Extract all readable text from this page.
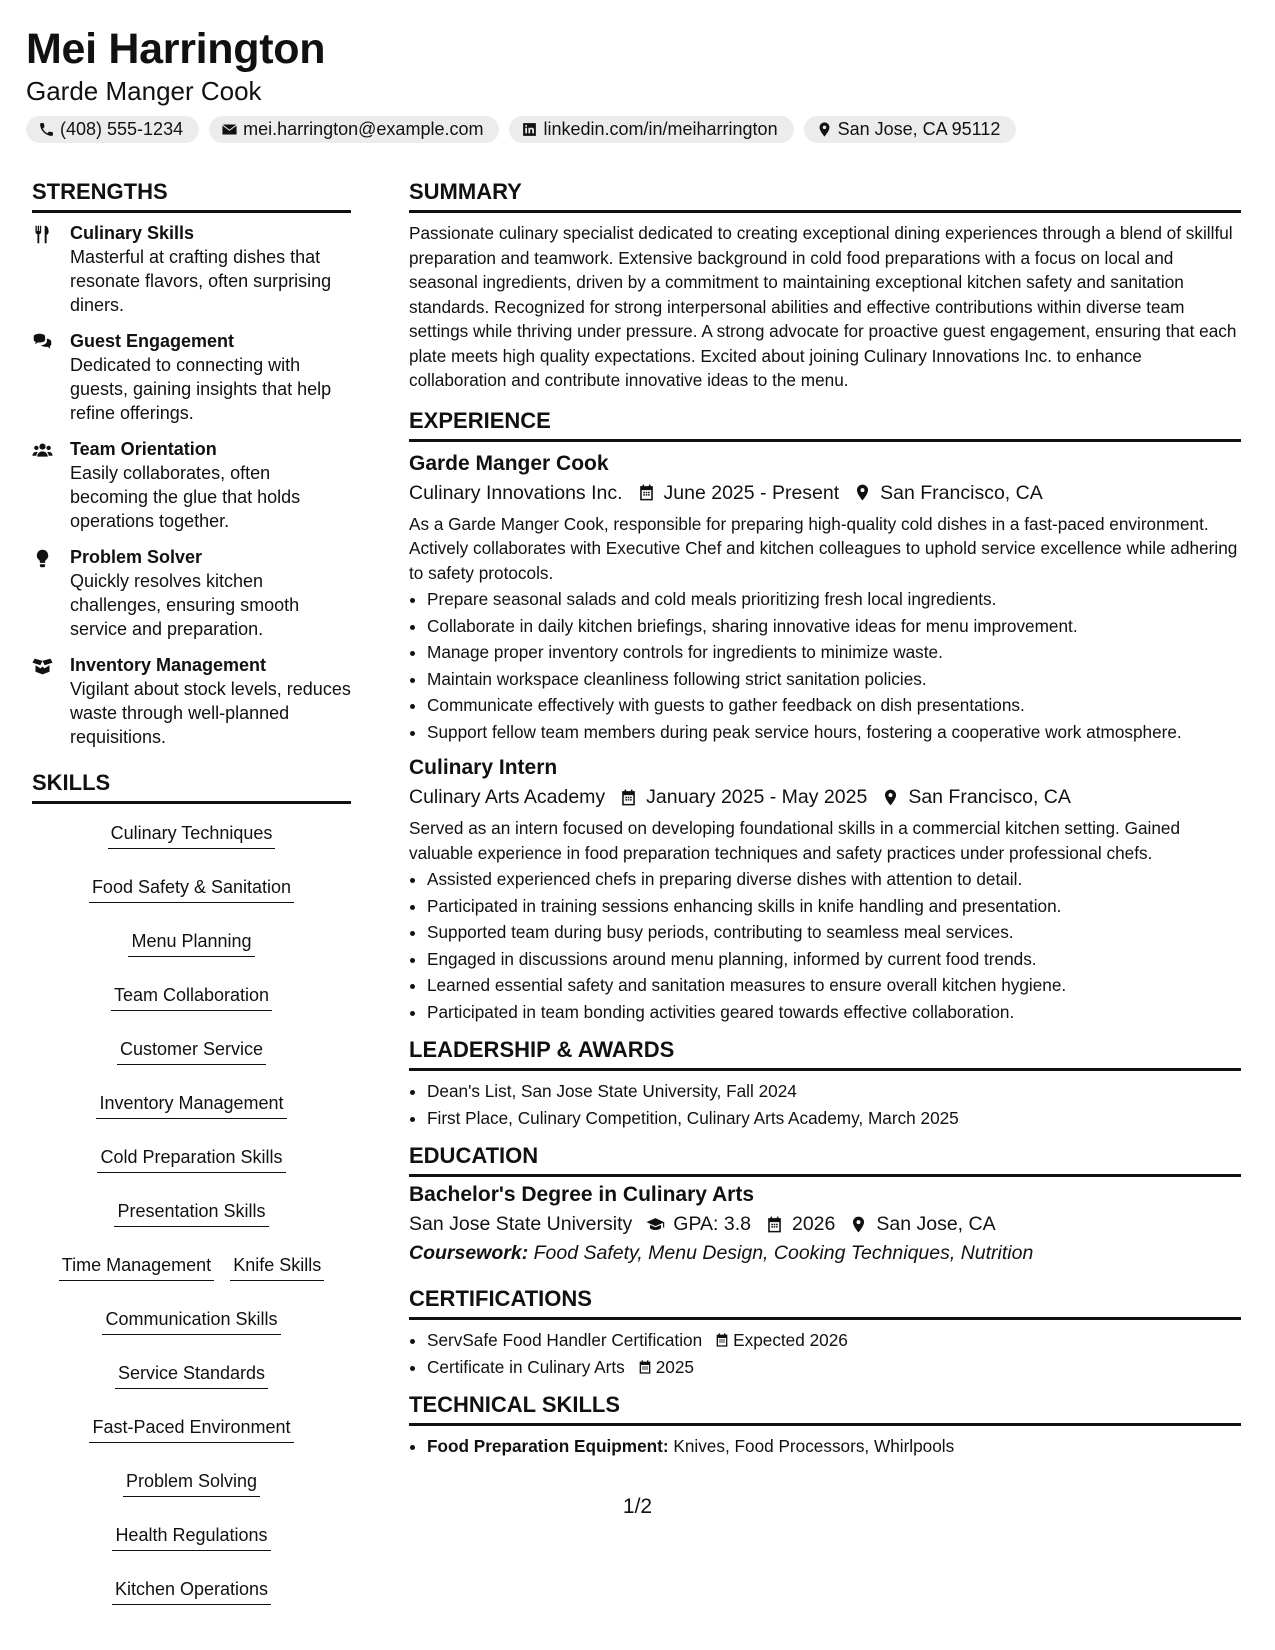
Mei Harrington
Garde Manger Cook
(408) 555-1234	mei.harrington@example.com	linkedin.com/in/meiharrington	San Jose, CA 95112
STRENGTHS
Culinary Skills
Masterful at crafting dishes that resonate flavors, often surprising diners.
Guest Engagement
Dedicated to connecting with guests, gaining insights that help refine offerings.
Team Orientation
Easily collaborates, often becoming the glue that holds operations together.
Problem Solver
Quickly resolves kitchen challenges, ensuring smooth service and preparation.
Inventory Management
Vigilant about stock levels, reduces waste through well-planned requisitions.
SKILLS
Culinary Techniques
Food Safety & Sanitation
Menu Planning
Team Collaboration
Customer Service
Inventory Management
Cold Preparation Skills
Presentation Skills
Time Management Knife Skills
Communication Skills
Service Standards
Fast-Paced Environment
Problem Solving
Health Regulations
Kitchen Operations
SUMMARY
Passionate culinary specialist dedicated to creating exceptional dining experiences through a blend of skillful preparation and teamwork. Extensive background in cold food preparations with a focus on local and seasonal ingredients, driven by a commitment to maintaining exceptional kitchen safety and sanitation standards. Recognized for strong interpersonal abilities and effective contributions within diverse team settings while thriving under pressure. A strong advocate for proactive guest engagement, ensuring that each plate meets high quality expectations. Excited about joining Culinary Innovations Inc. to enhance collaboration and contribute innovative ideas to the menu.
EXPERIENCE
Garde Manger Cook
Culinary Innovations Inc. June 2025 - Present San Francisco, CA
As a Garde Manger Cook, responsible for preparing high-quality cold dishes in a fast-paced environment. Actively collaborates with Executive Chef and kitchen colleagues to uphold service excellence while adhering to safety protocols.
• Prepare seasonal salads and cold meals prioritizing fresh local ingredients.
• Collaborate in daily kitchen briefings, sharing innovative ideas for menu improvement.
• Manage proper inventory controls for ingredients to minimize waste.
• Maintain workspace cleanliness following strict sanitation policies.
• Communicate effectively with guests to gather feedback on dish presentations.
• Support fellow team members during peak service hours, fostering a cooperative work atmosphere.
Culinary Intern
Culinary Arts Academy January 2025 - May 2025 San Francisco, CA
Served as an intern focused on developing foundational skills in a commercial kitchen setting. Gained valuable experience in food preparation techniques and safety practices under professional chefs.
• Assisted experienced chefs in preparing diverse dishes with attention to detail.
• Participated in training sessions enhancing skills in knife handling and presentation.
• Supported team during busy periods, contributing to seamless meal services.
• Engaged in discussions around menu planning, informed by current food trends.
• Learned essential safety and sanitation measures to ensure overall kitchen hygiene.
• Participated in team bonding activities geared towards effective collaboration.
LEADERSHIP & AWARDS
• Dean's List, San Jose State University, Fall 2024
• First Place, Culinary Competition, Culinary Arts Academy, March 2025
EDUCATION
Bachelor's Degree in Culinary Arts
San Jose State University GPA: 3.8 2026 San Jose, CA
Coursework: Food Safety, Menu Design, Cooking Techniques, Nutrition
CERTIFICATIONS
• ServSafe Food Handler Certification Expected 2026
• Certificate in Culinary Arts 2025
TECHNICAL SKILLS
• Food Preparation Equipment: Knives, Food Processors, Whirlpools
1/2
